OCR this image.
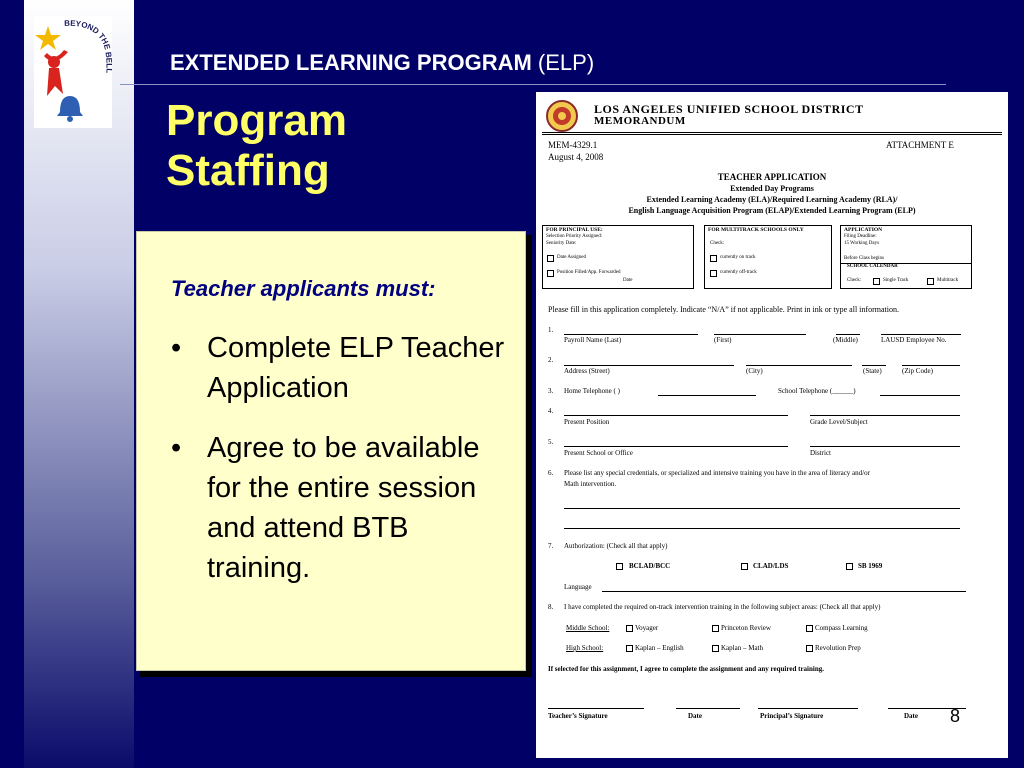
BEYOND THE
EXTENDED LEARNING PROGRAM (ELP)
Program Staffing
Teacher applicants must:
• Complete ELP Teacher Application
• Agree to be available for the entire session and attend BTB training.
LOS ANGELES UNIFIED SCHOOL DISTRICT
MEMORANDUM
MEM-4329.1
August 4, 2008
ATTACHMENT E
TEACHER APPLICATION
Extended Day Programs
Extended Learning Academy (ELA)/Required Learning Academy (RLA)/
English Language Acquisition Program (ELAP)/Extended Learning Program (ELP)
FOR PRINCIPAL USE:
Selection Priority Assigned:
Seniority Date:
Date Assigned
Position Filled/App. Forwarded
Date
FOR MULTITRACK SCHOOLS ONLY
Check:
currently on track
currently off-track
APPLICATION
Filing Deadline:
15 Working Days
Before Class begins
SCHOOL CALENDAR
Check:	Single Track	Multitrack
Please fill in this application completely. Indicate “N/A” if not applicable. Print in ink or type all information.
1.
Payroll Name (Last)	(First)	(Middle)	LAUSD Employee No.
2.
Address (Street)	(City)	(State)	(Zip Code)
3. Home Telephone ( )	School Telephone (______)
4.
Present Position	Grade Level/Subject
5.
Present School or Office	District
6. Please list any special credentials, or specialized and intensive training you have in the area of literacy and/or
Math intervention.
7. Authorization: (Check all that apply)
BCLAD/BCC	CLAD/LDS	SB 1969
Language
8. I have completed the required on-track intervention training in the following subject areas: (Check all that apply)
Middle School:	Voyager	Princeton Review	Compass Learning
High School:	Kaplan – English	Kaplan – Math	Revolution Prep
If selected for this assignment, I agree to complete the assignment and any required training.
Teacher’s Signature	Date	Principal’s Signature	Date 8
